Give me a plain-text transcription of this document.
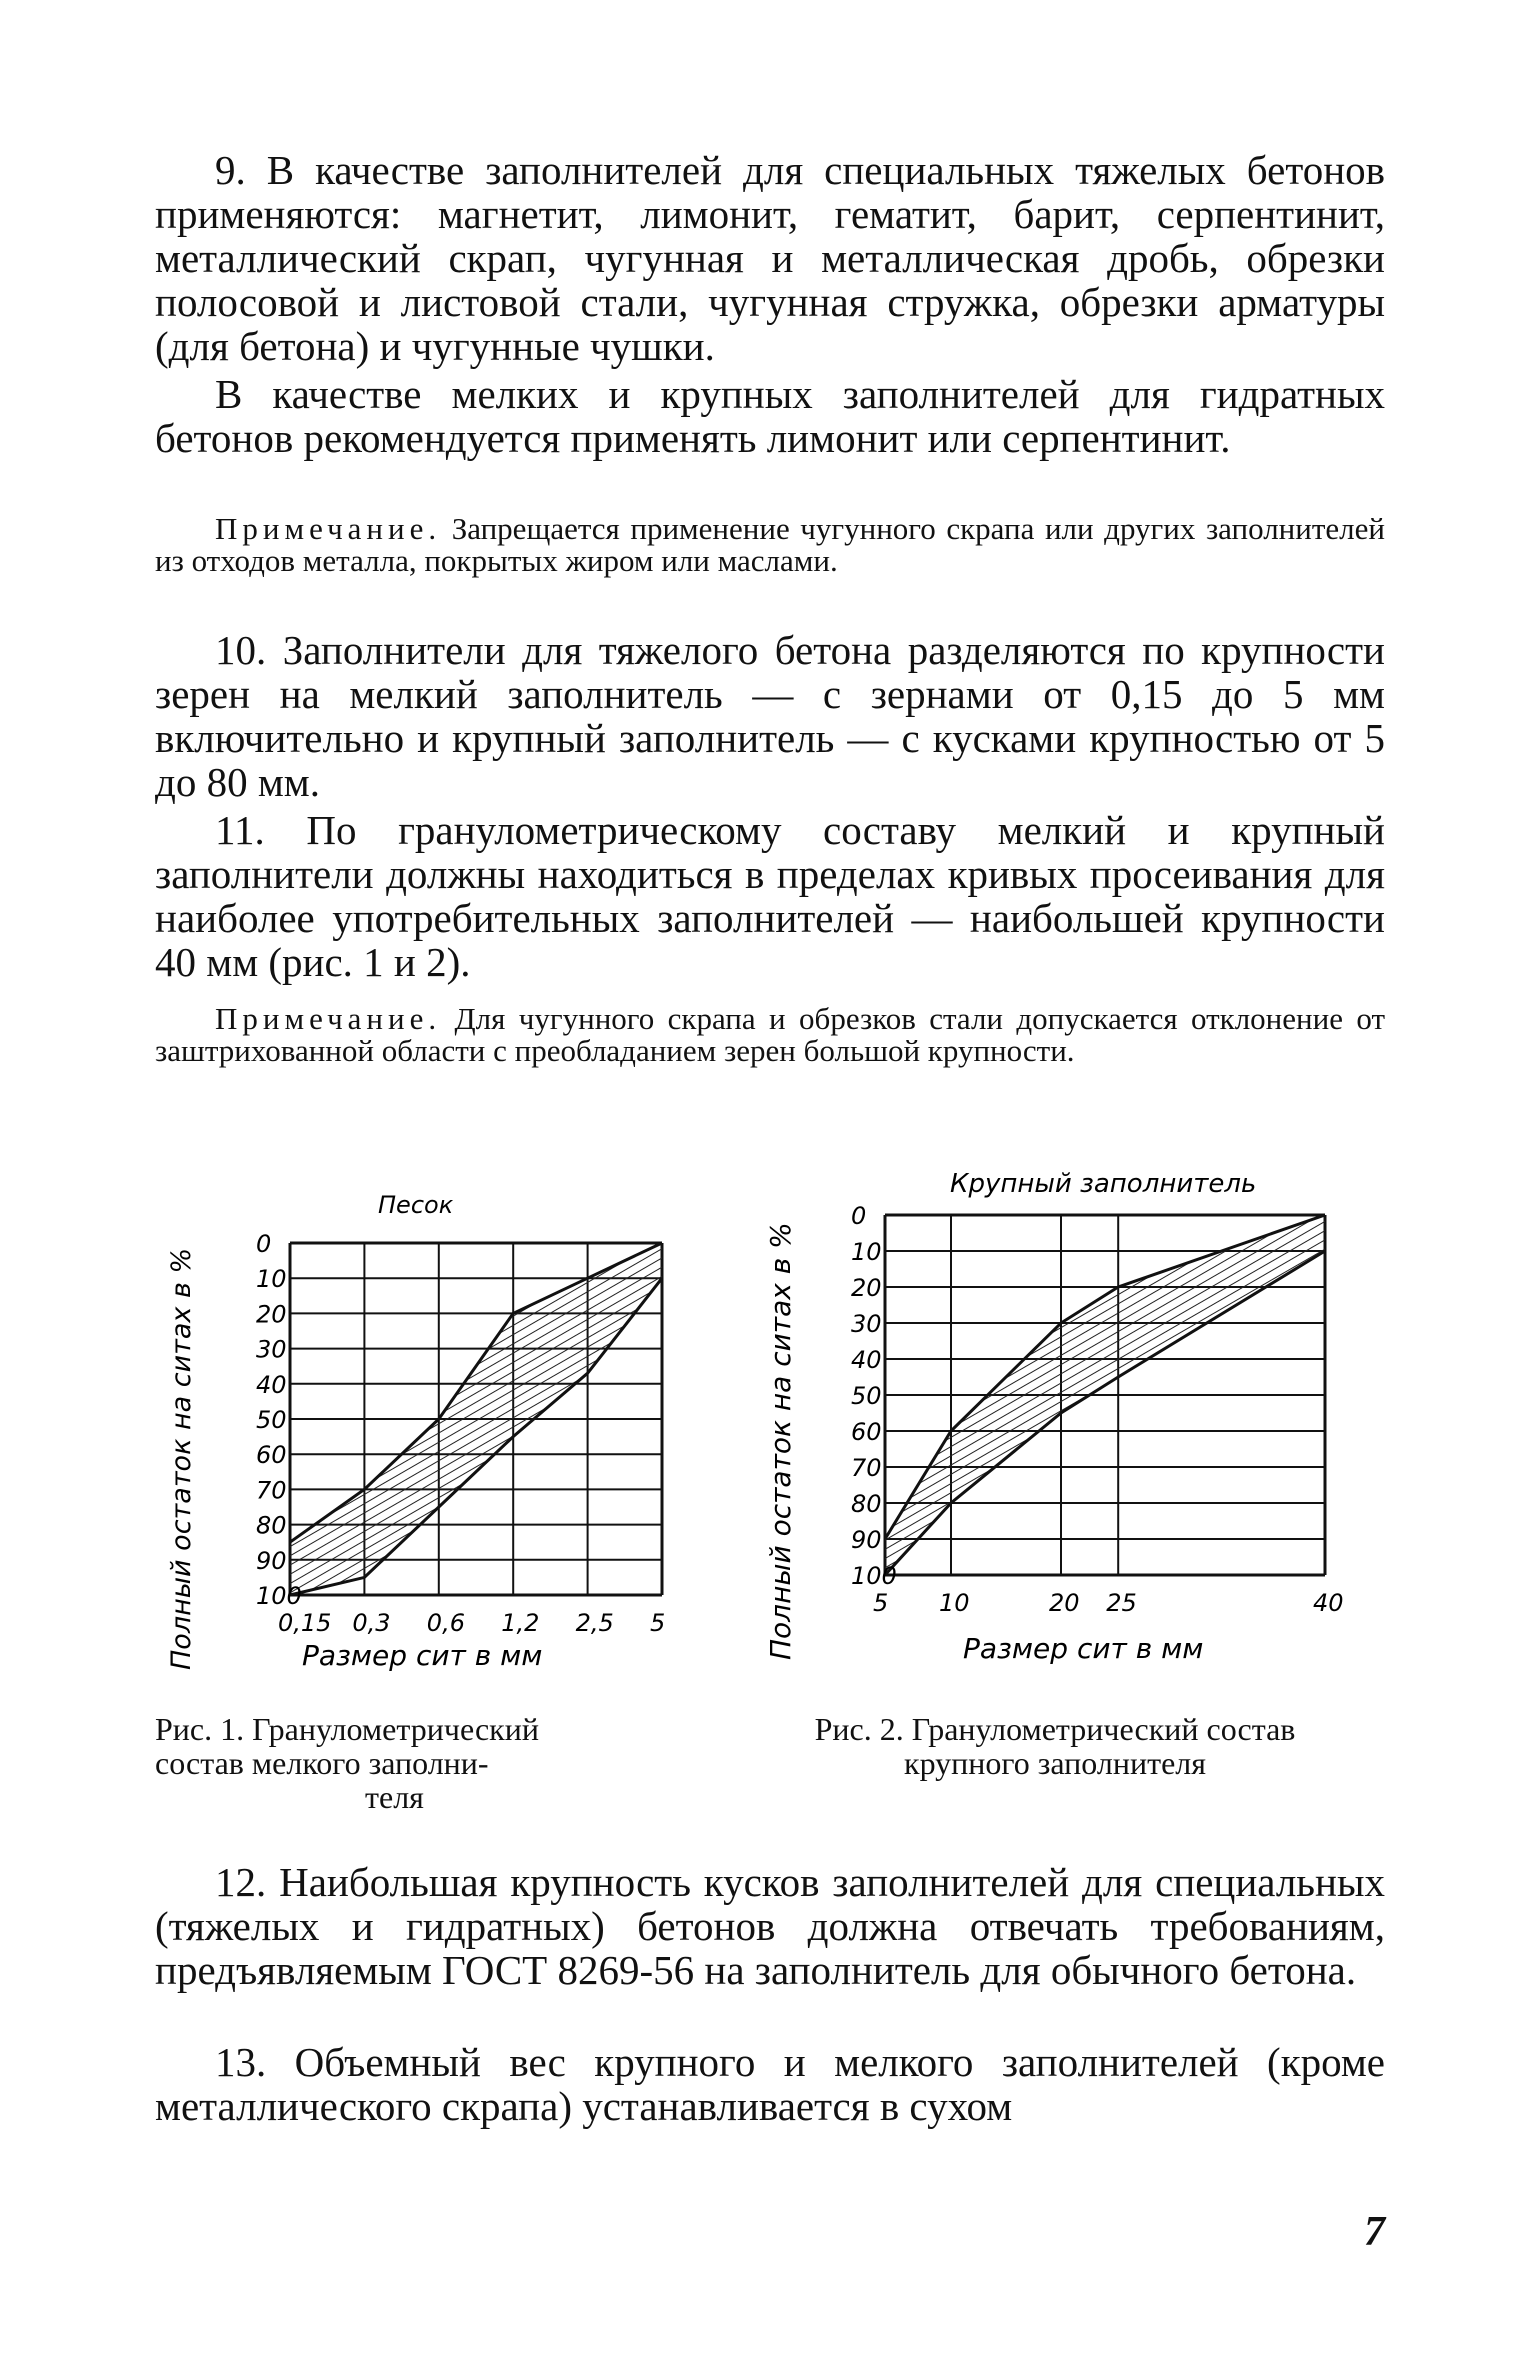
9. В качестве заполнителей для специальных тяжелых бетонов применяются: магнетит, лимонит, гематит, барит, серпентинит, металлический скрап, чугунная и металлическая дробь, обрезки полосовой и листовой стали, чугунная стружка, обрезки арматуры (для бетона) и чугунные чушки.

В качестве мелких и крупных заполнителей для гидратных бетонов рекомендуется применять лимонит или серпентинит.

Примечание. Запрещается применение чугунного скрапа или других заполнителей из отходов металла, покрытых жиром или маслами.

10. Заполнители для тяжелого бетона разделяются по крупности зерен на мелкий заполнитель — с зернами от 0,15 до 5 мм включительно и крупный заполнитель — с кусками крупностью от 5 до 80 мм.

11. По гранулометрическому составу мелкий и крупный заполнители должны находиться в пределах кривых просеивания для наиболее употребительных заполнителей — наибольшей крупности 40 мм (рис. 1 и 2).

Примечание. Для чугунного скрапа и обрезков стали допускается отклонение от заштрихованной области с преобладанием зерен большой крупности.

0
10
20
30
40
50
60
70
80
90
100
0,15 0,3 0,6 1,2 2,5 5
Песок
Размер сит в мм
Полный остаток на ситах в %
0
10
20
30
40
50
60
70
80
90
100
5 10	20 25	40
Крупный заполнитель
Размер сит в мм
Полный остаток на ситах в %

Рис. 1. Гранулометрический
состав мелкого заполни-
теля

Рис. 2. Гранулометрический состав
крупного заполнителя

12. Наибольшая крупность кусков заполнителей для специальных (тяжелых и гидратных) бетонов должна отвечать требованиям, предъявляемым ГОСТ 8269-56 на заполнитель для обычного бетона.

13. Объемный вес крупного и мелкого заполнителей (кроме металлического скрапа) устанавливается в сухом

7
